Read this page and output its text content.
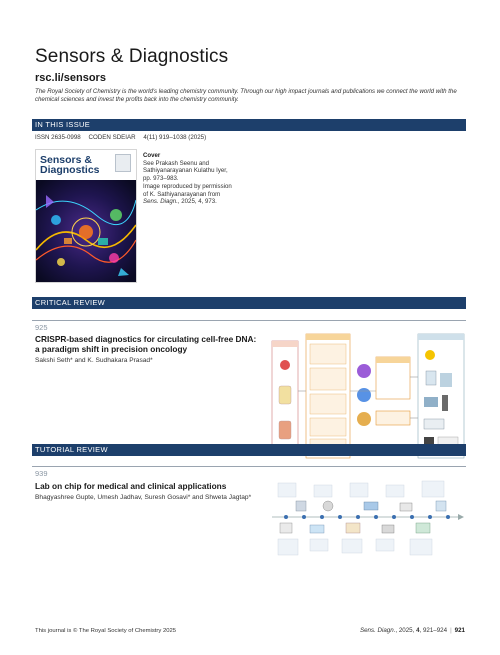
Sensors & Diagnostics
rsc.li/sensors
The Royal Society of Chemistry is the world's leading chemistry community. Through our high impact journals and publications we connect the world with the chemical sciences and invest the profits back into the chemistry community.
IN THIS ISSUE
ISSN 2635-0998 CODEN SDEIAR 4(11) 919–1038 (2025)
Sensors &
Diagnostics
Cover
See Prakash Seenu and
Sathiyanarayanan Kulathu Iyer,
pp. 973–983.
Image reproduced by permission
of K. Sathiyanarayanan from
Sens. Diagn., 2025, 4, 973.
CRITICAL REVIEW
925
CRISPR-based diagnostics for circulating cell-free DNA: a paradigm shift in precision oncology
Sakshi Seth* and K. Sudhakara Prasad*
TUTORIAL REVIEW
939
Lab on chip for medical and clinical applications
Bhagyashree Gupte, Umesh Jadhav, Suresh Gosavi* and Shweta Jagtap*
This journal is © The Royal Society of Chemistry 2025	Sens. Diagn., 2025, 4, 921–924 | 921
